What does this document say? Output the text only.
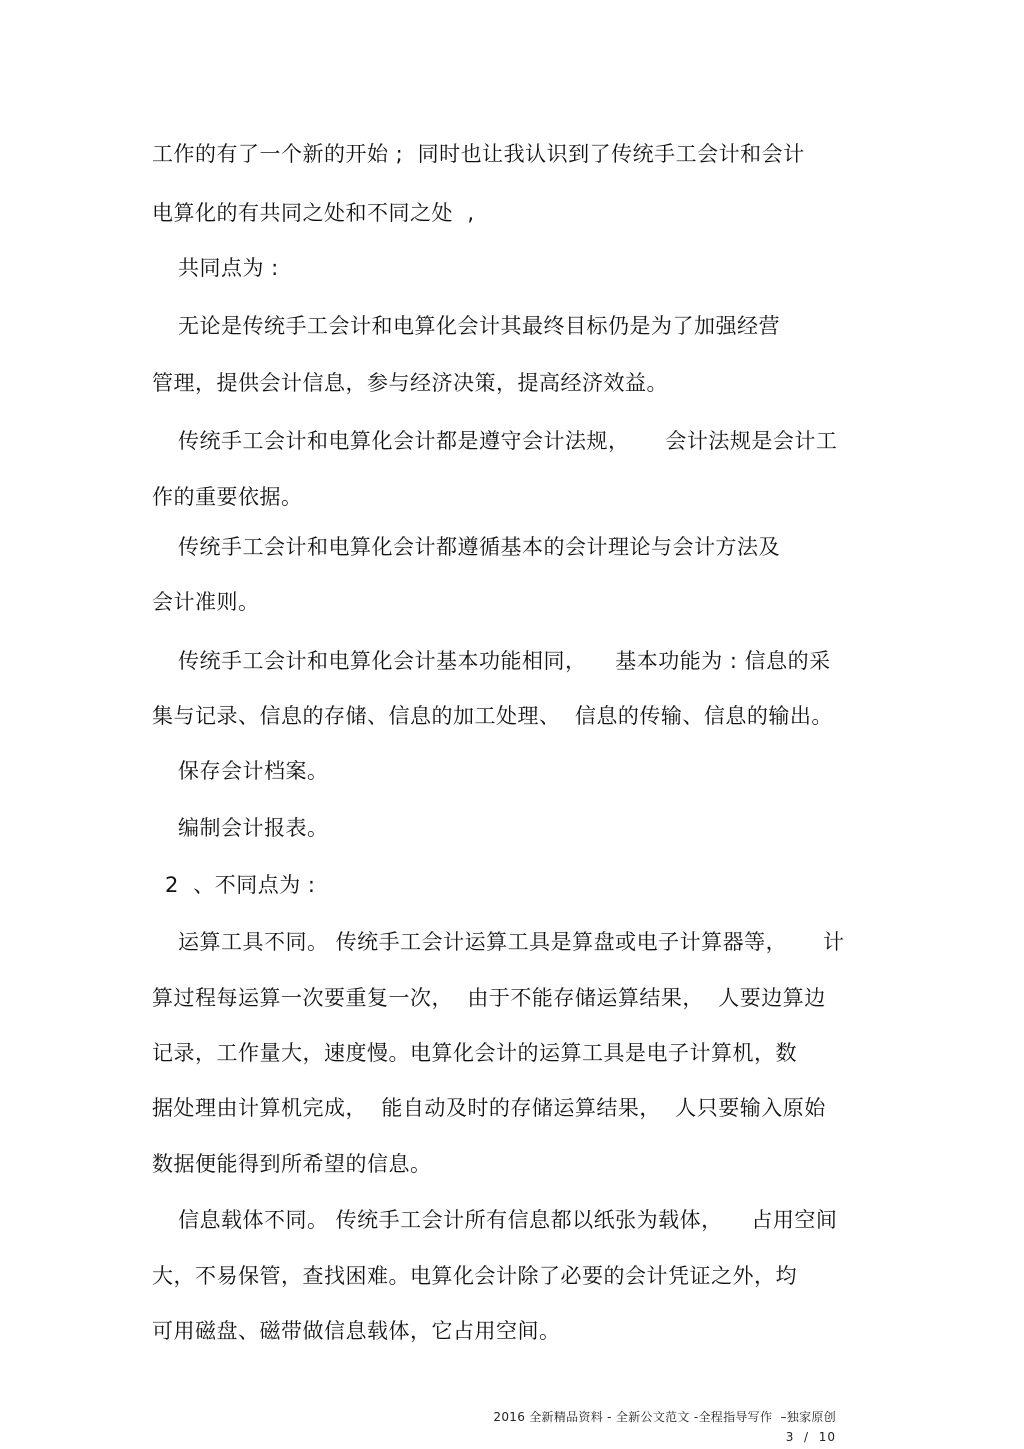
工作的有了一个新的开始 ;  同时也让我认识到了传统手工会计和会计
电算化的有共同之处和不同之处  ,
共同点为 :
无论是传统手工会计和电算化会计其最终目标仍是为了加强经营
管理，提供会计信息，参与经济决策，提高经济效益。
传统手工会计和电算化会计都是遵守会计法规，     会计法规是会计工
作的重要依据。
传统手工会计和电算化会计都遵循基本的会计理论与会计方法及
会计准则。
传统手工会计和电算化会计基本功能相同，    基本功能为 : 信息的采
集与记录、信息的存储、信息的加工处理、  信息的传输、信息的输出。
保存会计档案。
编制会计报表。
2  、不同点为 :
运算工具不同。 传统手工会计运算工具是算盘或电子计算器等，     计
算过程每运算一次要重复一次，  由于不能存储运算结果，  人要边算边
记录，工作量大，速度慢。电算化会计的运算工具是电子计算机，数
据处理由计算机完成，  能自动及时的存储运算结果，  人只要输入原始
数据便能得到所希望的信息。
信息载体不同。 传统手工会计所有信息都以纸张为载体，    占用空间
大，不易保管，查找困难。电算化会计除了必要的会计凭证之外，均
可用磁盘、磁带做信息载体，它占用空间。
2016 全新精品资料 - 全新公文范文 -全程指导写作  –独家原创
3  /  10
